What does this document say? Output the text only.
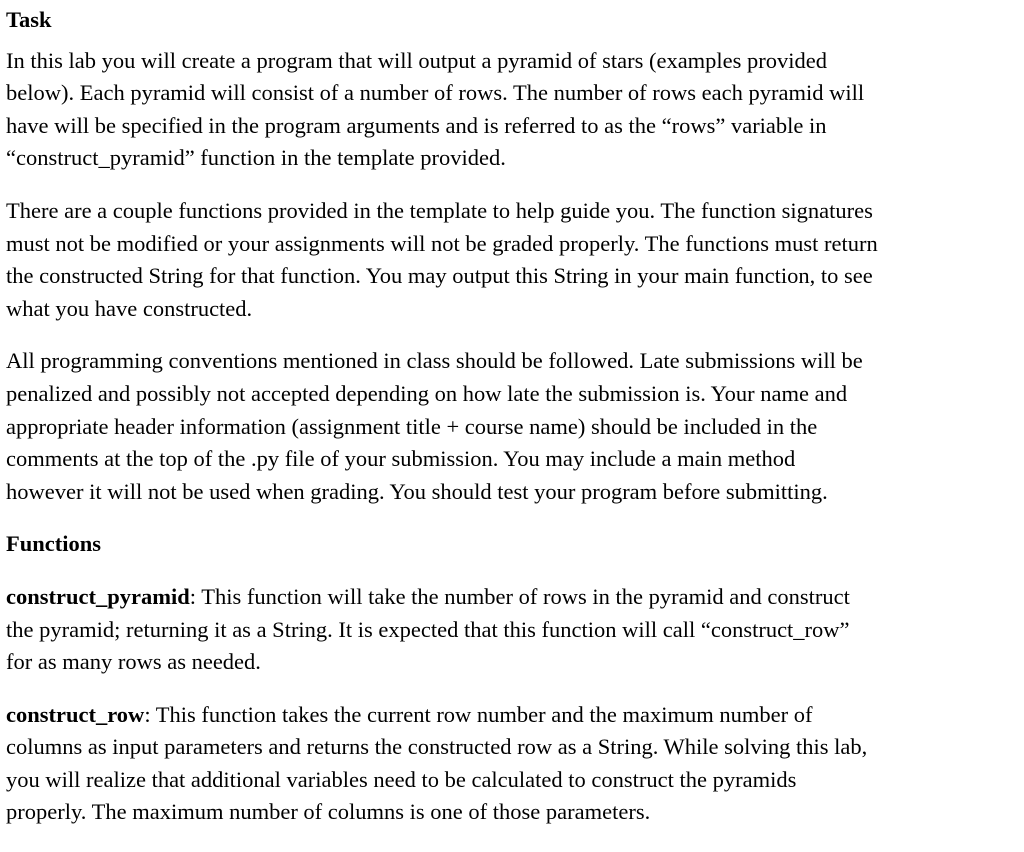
Task
In this lab you will create a program that will output a pyramid of stars (examples provided
below). Each pyramid will consist of a number of rows. The number of rows each pyramid will
have will be specified in the program arguments and is referred to as the “rows” variable in
“construct_pyramid” function in the template provided.
There are a couple functions provided in the template to help guide you. The function signatures
must not be modified or your assignments will not be graded properly. The functions must return
the constructed String for that function. You may output this String in your main function, to see
what you have constructed.
All programming conventions mentioned in class should be followed. Late submissions will be
penalized and possibly not accepted depending on how late the submission is. Your name and
appropriate header information (assignment title + course name) should be included in the
comments at the top of the .py file of your submission. You may include a main method
however it will not be used when grading. You should test your program before submitting.
Functions
construct_pyramid: This function will take the number of rows in the pyramid and construct
the pyramid; returning it as a String. It is expected that this function will call “construct_row”
for as many rows as needed.
construct_row: This function takes the current row number and the maximum number of
columns as input parameters and returns the constructed row as a String. While solving this lab,
you will realize that additional variables need to be calculated to construct the pyramids
properly. The maximum number of columns is one of those parameters.
